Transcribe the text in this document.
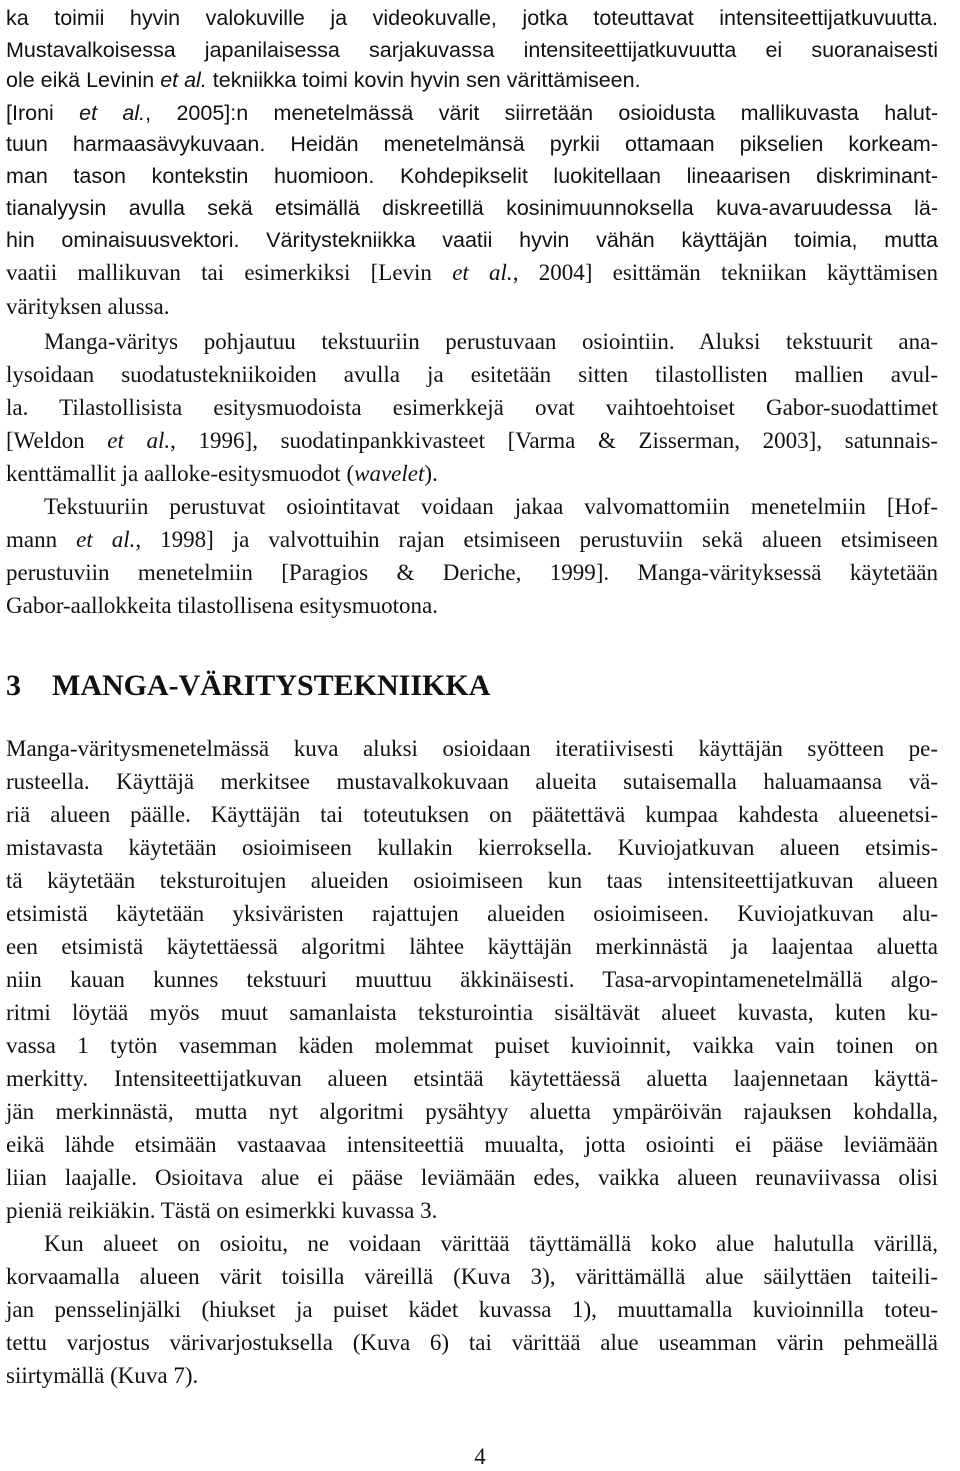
ka toimii hyvin valokuville ja videokuvalle, jotka toteuttavat intensiteettijatkuvuutta.
Mustavalkoisessa japanilaisessa sarjakuvassa intensiteettijatkuvuutta ei suoranaisesti
ole eikä Levinin et al. tekniikka toimi kovin hyvin sen värittämiseen.
[Ironi et al., 2005]:n menetelmässä värit siirretään osioidusta mallikuvasta halut-
tuun harmaasävykuvaan. Heidän menetelmänsä pyrkii ottamaan pikselien korkeam-
man tason kontekstin huomioon. Kohdepikselit luokitellaan lineaarisen diskriminant-
tianalyysin avulla sekä etsimällä diskreetillä kosinimuunnoksella kuva-avaruudessa lä-
hin ominaisuusvektori. Väritystekniikka vaatii hyvin vähän käyttäjän toimia, mutta
vaatii mallikuvan tai esimerkiksi [Levin et al., 2004] esittämän tekniikan käyttämisen
värityksen alussa.
Manga-väritys pohjautuu tekstuuriin perustuvaan osiointiin. Aluksi tekstuurit ana-
lysoidaan suodatustekniikoiden avulla ja esitetään sitten tilastollisten mallien avul-
la. Tilastollisista esitysmuodoista esimerkkejä ovat vaihtoehtoiset Gabor-suodattimet
[Weldon et al., 1996], suodatinpankkivasteet [Varma & Zisserman, 2003], satunnais-
kenttämallit ja aalloke-esitysmuodot (wavelet).
Tekstuuriin perustuvat osiointitavat voidaan jakaa valvomattomiin menetelmiin [Hof-
mann et al., 1998] ja valvottuihin rajan etsimiseen perustuviin sekä alueen etsimiseen
perustuviin menetelmiin [Paragios & Deriche, 1999]. Manga-värityksessä käytetään
Gabor-aallokkeita tilastollisena esitysmuotona.
3 MANGA-VÄRITYSTEKNIIKKA
Manga-väritysmenetelmässä kuva aluksi osioidaan iteratiivisesti käyttäjän syötteen pe-
rusteella. Käyttäjä merkitsee mustavalkokuvaan alueita sutaisemalla haluamaansa vä-
riä alueen päälle. Käyttäjän tai toteutuksen on päätettävä kumpaa kahdesta alueenetsi-
mistavasta käytetään osioimiseen kullakin kierroksella. Kuviojatkuvan alueen etsimis-
tä käytetään teksturoitujen alueiden osioimiseen kun taas intensiteettijatkuvan alueen
etsimistä käytetään yksiväristen rajattujen alueiden osioimiseen. Kuviojatkuvan alu-
een etsimistä käytettäessä algoritmi lähtee käyttäjän merkinnästä ja laajentaa aluetta
niin kauan kunnes tekstuuri muuttuu äkkinäisesti. Tasa-arvopintamenetelmällä algo-
ritmi löytää myös muut samanlaista teksturointia sisältävät alueet kuvasta, kuten ku-
vassa 1 tytön vasemman käden molemmat puiset kuvioinnit, vaikka vain toinen on
merkitty. Intensiteettijatkuvan alueen etsintää käytettäessä aluetta laajennetaan käyttä-
jän merkinnästä, mutta nyt algoritmi pysähtyy aluetta ympäröivän rajauksen kohdalla,
eikä lähde etsimään vastaavaa intensiteettiä muualta, jotta osiointi ei pääse leviämään
liian laajalle. Osioitava alue ei pääse leviämään edes, vaikka alueen reunaviivassa olisi
pieniä reikiäkin. Tästä on esimerkki kuvassa 3.
Kun alueet on osioitu, ne voidaan värittää täyttämällä koko alue halutulla värillä,
korvaamalla alueen värit toisilla väreillä (Kuva 3), värittämällä alue säilyttäen taiteili-
jan pensselinjälki (hiukset ja puiset kädet kuvassa 1), muuttamalla kuvioinnilla toteu-
tettu varjostus värivarjostuksella (Kuva 6) tai värittää alue useamman värin pehmeällä
siirtymällä (Kuva 7).
4
